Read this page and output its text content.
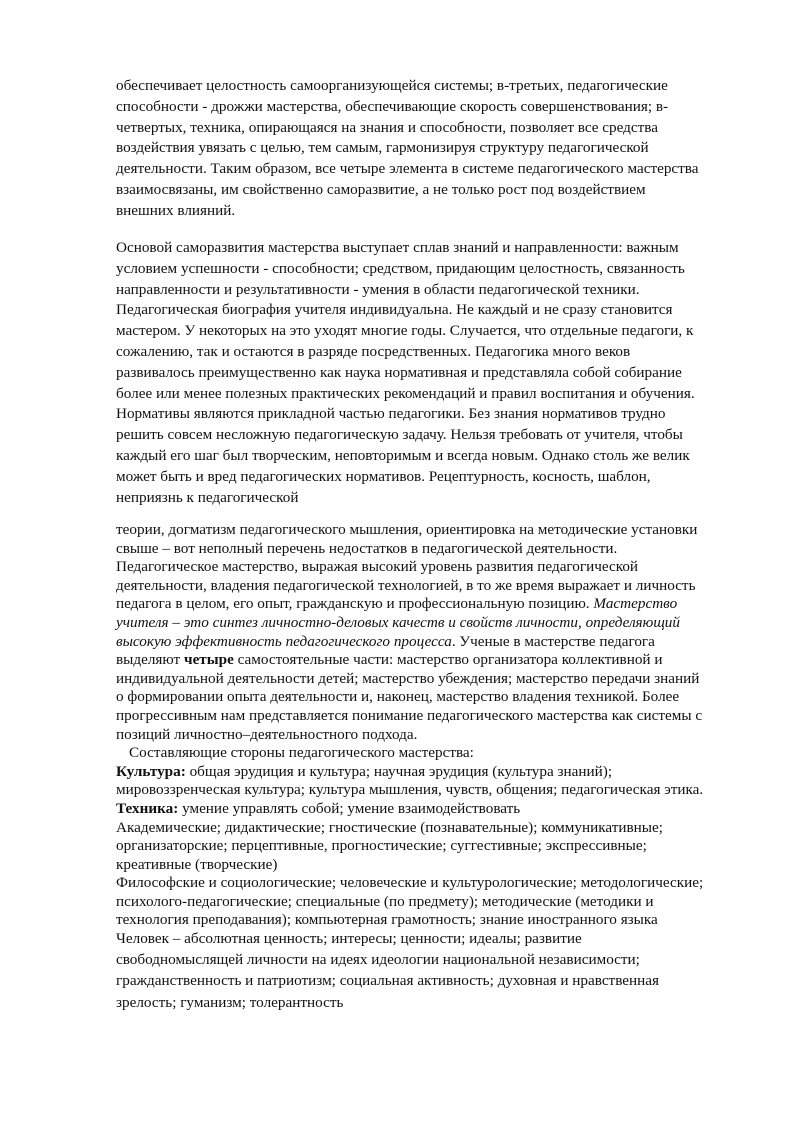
обеспечивает целостность самоорганизующейся системы; в-третьих, педагогические
способности - дрожжи мастерства, обеспечивающие скорость совершенствования; в-
четвертых, техника, опирающаяся на знания и способности, позволяет все средства
воздействия увязать с целью, тем самым, гармонизируя структуру педагогической
деятельности. Таким образом, все четыре элемента в системе педагогического мастерства
взаимосвязаны, им свойственно саморазвитие, а не только рост под воздействием
внешних влияний.

Основой саморазвития мастерства выступает сплав знаний и направленности: важным
условием успешности - способности; средством, придающим целостность, связанность
направленности и результативности - умения в области педагогической техники.
Педагогическая биография учителя индивидуальна. Не каждый и не сразу становится
мастером. У некоторых на это уходят многие годы. Случается, что отдельные педагоги, к
сожалению, так и остаются в разряде посредственных. Педагогика много веков
развивалось преимущественно как наука нормативная и представляла собой собирание
более или менее полезных практических рекомендаций и правил воспитания и обучения.
Нормативы являются прикладной частью педагогики. Без знания нормативов трудно
решить совсем несложную педагогическую задачу. Нельзя требовать от учителя, чтобы
каждый его шаг был творческим, неповторимым и всегда новым. Однако столь же велик
может быть и вред педагогических нормативов. Рецептурность, косность, шаблон,
неприязнь к педагогической

теории, догматизм педагогического мышления, ориентировка на методические установки
свыше – вот неполный перечень недостатков в педагогической деятельности.
Педагогическое мастерство, выражая высокий уровень развития педагогической
деятельности, владения педагогической технологией, в то же время выражает и личность
педагога в целом, его опыт, гражданскую и профессиональную позицию. Мастерство
учителя – это синтез личностно-деловых качеств и свойств личности, определяющий
высокую эффективность педагогического процесса. Ученые в мастерстве педагога
выделяют четыре самостоятельные части: мастерство организатора коллективной и
индивидуальной деятельности детей; мастерство убеждения; мастерство передачи знаний
о формировании опыта деятельности и, наконец, мастерство владения техникой. Более
прогрессивным нам представляется понимание педагогического мастерства как системы с
позиций личностно–деятельностного подхода.
Составляющие стороны педагогического мастерства:
Культура: общая эрудиция и культура; научная эрудиция (культура знаний);
мировоззренческая культура; культура мышления, чувств, общения; педагогическая этика.
Техника: умение управлять собой; умение взаимодействовать
Академические; дидактические; гностические (познавательные); коммуникативные;
организаторские; перцептивные, прогностические; суггестивные; экспрессивные;
креативные (творческие)
Философские и социологические; человеческие и культурологические; методологические;
психолого-педагогические; специальные (по предмету); методические (методики и
технология преподавания); компьютерная грамотность; знание иностранного языка
Человек – абсолютная ценность; интересы; ценности; идеалы; развитие
свободномыслящей личности на идеях идеологии национальной независимости;
гражданственность и патриотизм; социальная активность; духовная и нравственная
зрелость; гуманизм; толерантность
